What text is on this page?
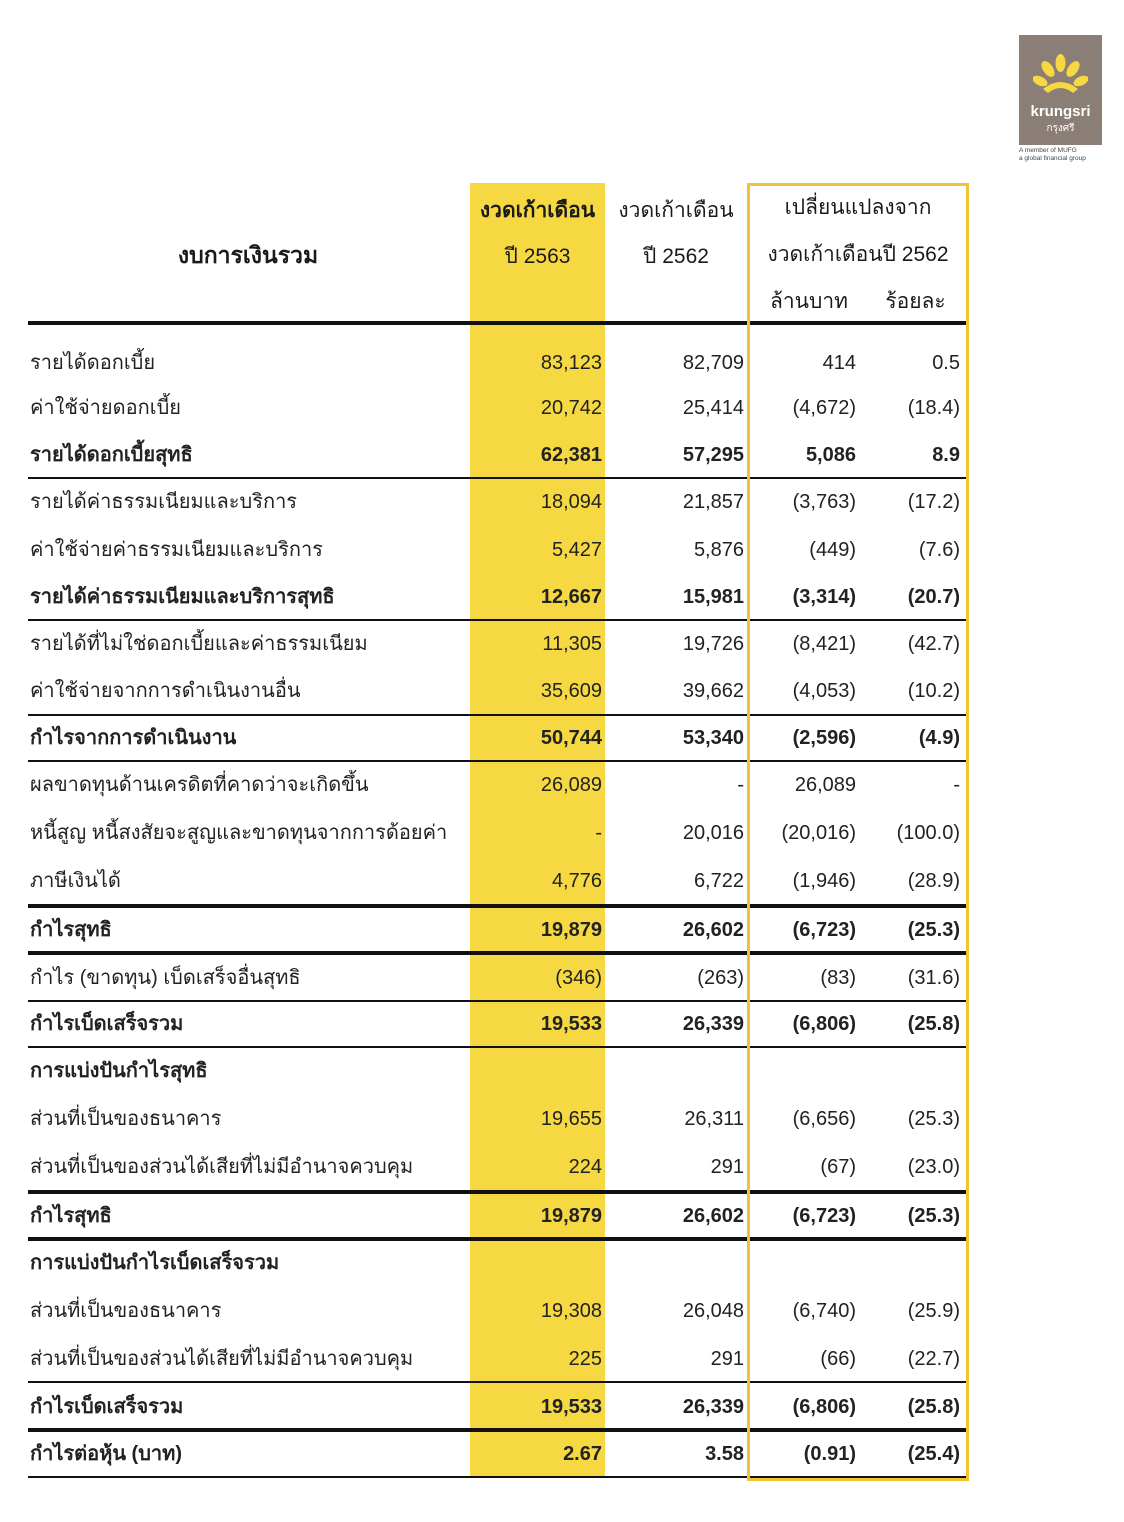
krungsri
กรุงศรี
A member of MUFG
a global financial group
งบการเงินรวม
งวดเก้าเดือน
ปี 2563
งวดเก้าเดือน
ปี 2562
เปลี่ยนแปลงจาก
งวดเก้าเดือนปี 2562
ล้านบาท	ร้อยละ
รายได้ดอกเบี้ย	83,123	82,709	414	0.5
ค่าใช้จ่ายดอกเบี้ย	20,742	25,414 (4,672)	(18.4)
รายได้ดอกเบี้ยสุทธิ	62,381	57,295	5,086	8.9
รายได้ค่าธรรมเนียมและบริการ	18,094	21,857 (3,763)	(17.2)
ค่าใช้จ่ายค่าธรรมเนียมและบริการ	5,427	5,876	(449)	(7.6)
รายได้ค่าธรรมเนียมและบริการสุทธิ	12,667	15,981 (3,314)	(20.7)
รายได้ที่ไม่ใช่ดอกเบี้ยและค่าธรรมเนียม	11,305	19,726 (8,421)	(42.7)
ค่าใช้จ่ายจากการดำเนินงานอื่น	35,609	39,662 (4,053)	(10.2)
กำไรจากการดำเนินงาน	50,744	53,340 (2,596)	(4.9)
ผลขาดทุนด้านเครดิตที่คาดว่าจะเกิดขึ้น	26,089	-	26,089	-
หนี้สูญ หนี้สงสัยจะสูญและขาดทุนจากการด้อยค่า	-	20,016 (20,016) (100.0)
ภาษีเงินได้	4,776	6,722 (1,946)	(28.9)
กำไรสุทธิ	19,879	26,602 (6,723)	(25.3)
กำไร (ขาดทุน) เบ็ดเสร็จอื่นสุทธิ	(346)	(263)	(83)	(31.6)
กำไรเบ็ดเสร็จรวม	19,533	26,339 (6,806)	(25.8)
การแบ่งปันกำไรสุทธิ
ส่วนที่เป็นของธนาคาร	19,655	26,311 (6,656)	(25.3)
ส่วนที่เป็นของส่วนได้เสียที่ไม่มีอำนาจควบคุม	224	291	(67)	(23.0)
กำไรสุทธิ	19,879	26,602 (6,723)	(25.3)
การแบ่งปันกำไรเบ็ดเสร็จรวม
ส่วนที่เป็นของธนาคาร	19,308	26,048 (6,740)	(25.9)
ส่วนที่เป็นของส่วนได้เสียที่ไม่มีอำนาจควบคุม	225	291	(66)	(22.7)
กำไรเบ็ดเสร็จรวม	19,533	26,339 (6,806)	(25.8)
กำไรต่อหุ้น (บาท)	2.67	3.58	(0.91)	(25.4)
